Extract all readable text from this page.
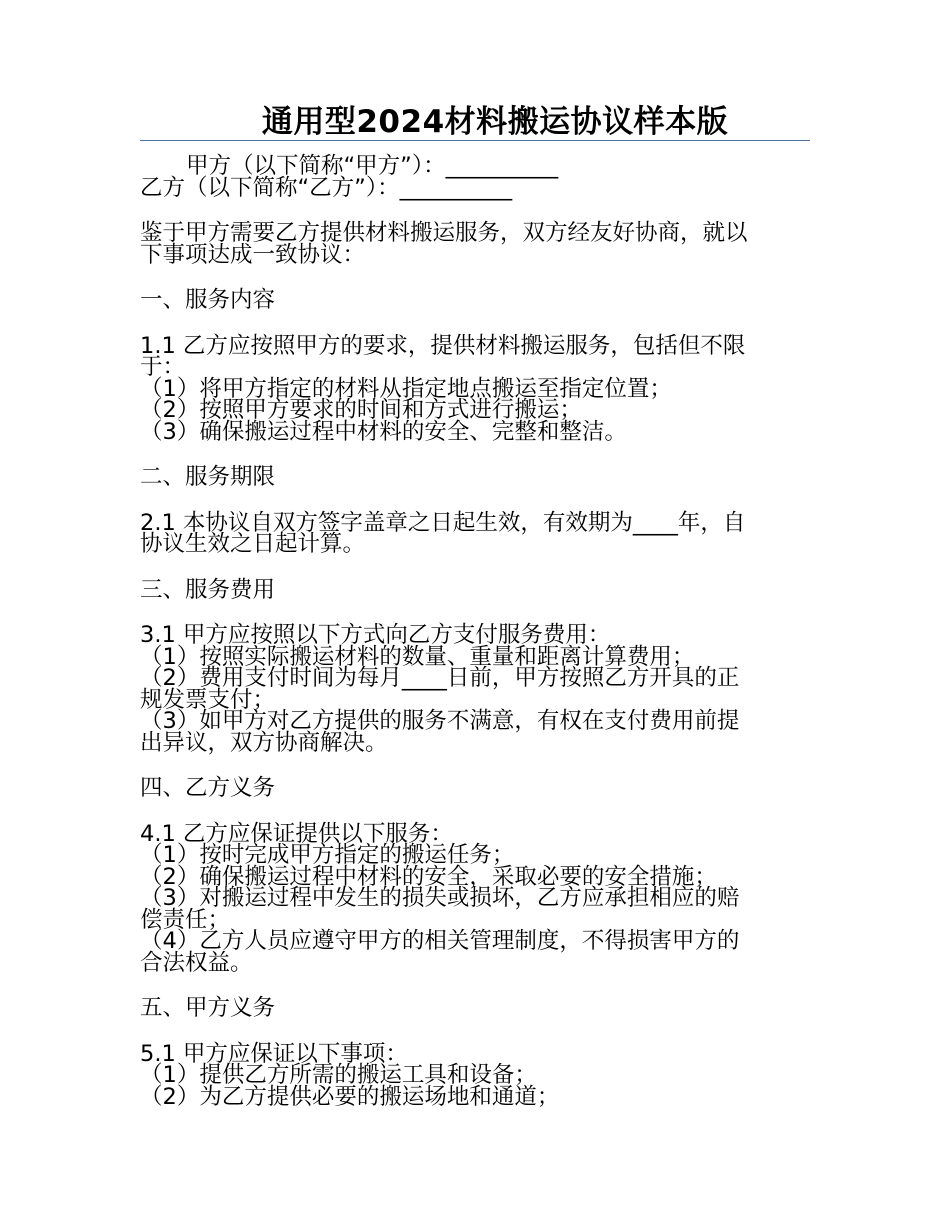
通用型2024材料搬运协议样本版
甲方（以下简称“甲方”）：__________
乙方（以下简称“乙方”）：__________
鉴于甲方需要乙方提供材料搬运服务，双方经友好协商，就以
下事项达成一致协议：
一、服务内容
1.1 乙方应按照甲方的要求，提供材料搬运服务，包括但不限
于：
（1）将甲方指定的材料从指定地点搬运至指定位置；
（2）按照甲方要求的时间和方式进行搬运；
（3）确保搬运过程中材料的安全、完整和整洁。
二、服务期限
2.1 本协议自双方签字盖章之日起生效，有效期为____年，自
协议生效之日起计算。
三、服务费用
3.1 甲方应按照以下方式向乙方支付服务费用：
（1）按照实际搬运材料的数量、重量和距离计算费用；
（2）费用支付时间为每月____日前，甲方按照乙方开具的正
规发票支付；
（3）如甲方对乙方提供的服务不满意，有权在支付费用前提
出异议，双方协商解决。
四、乙方义务
4.1 乙方应保证提供以下服务：
（1）按时完成甲方指定的搬运任务；
（2）确保搬运过程中材料的安全，采取必要的安全措施；
（3）对搬运过程中发生的损失或损坏，乙方应承担相应的赔
偿责任；
（4）乙方人员应遵守甲方的相关管理制度，不得损害甲方的
合法权益。
五、甲方义务
5.1 甲方应保证以下事项：
（1）提供乙方所需的搬运工具和设备；
（2）为乙方提供必要的搬运场地和通道；
